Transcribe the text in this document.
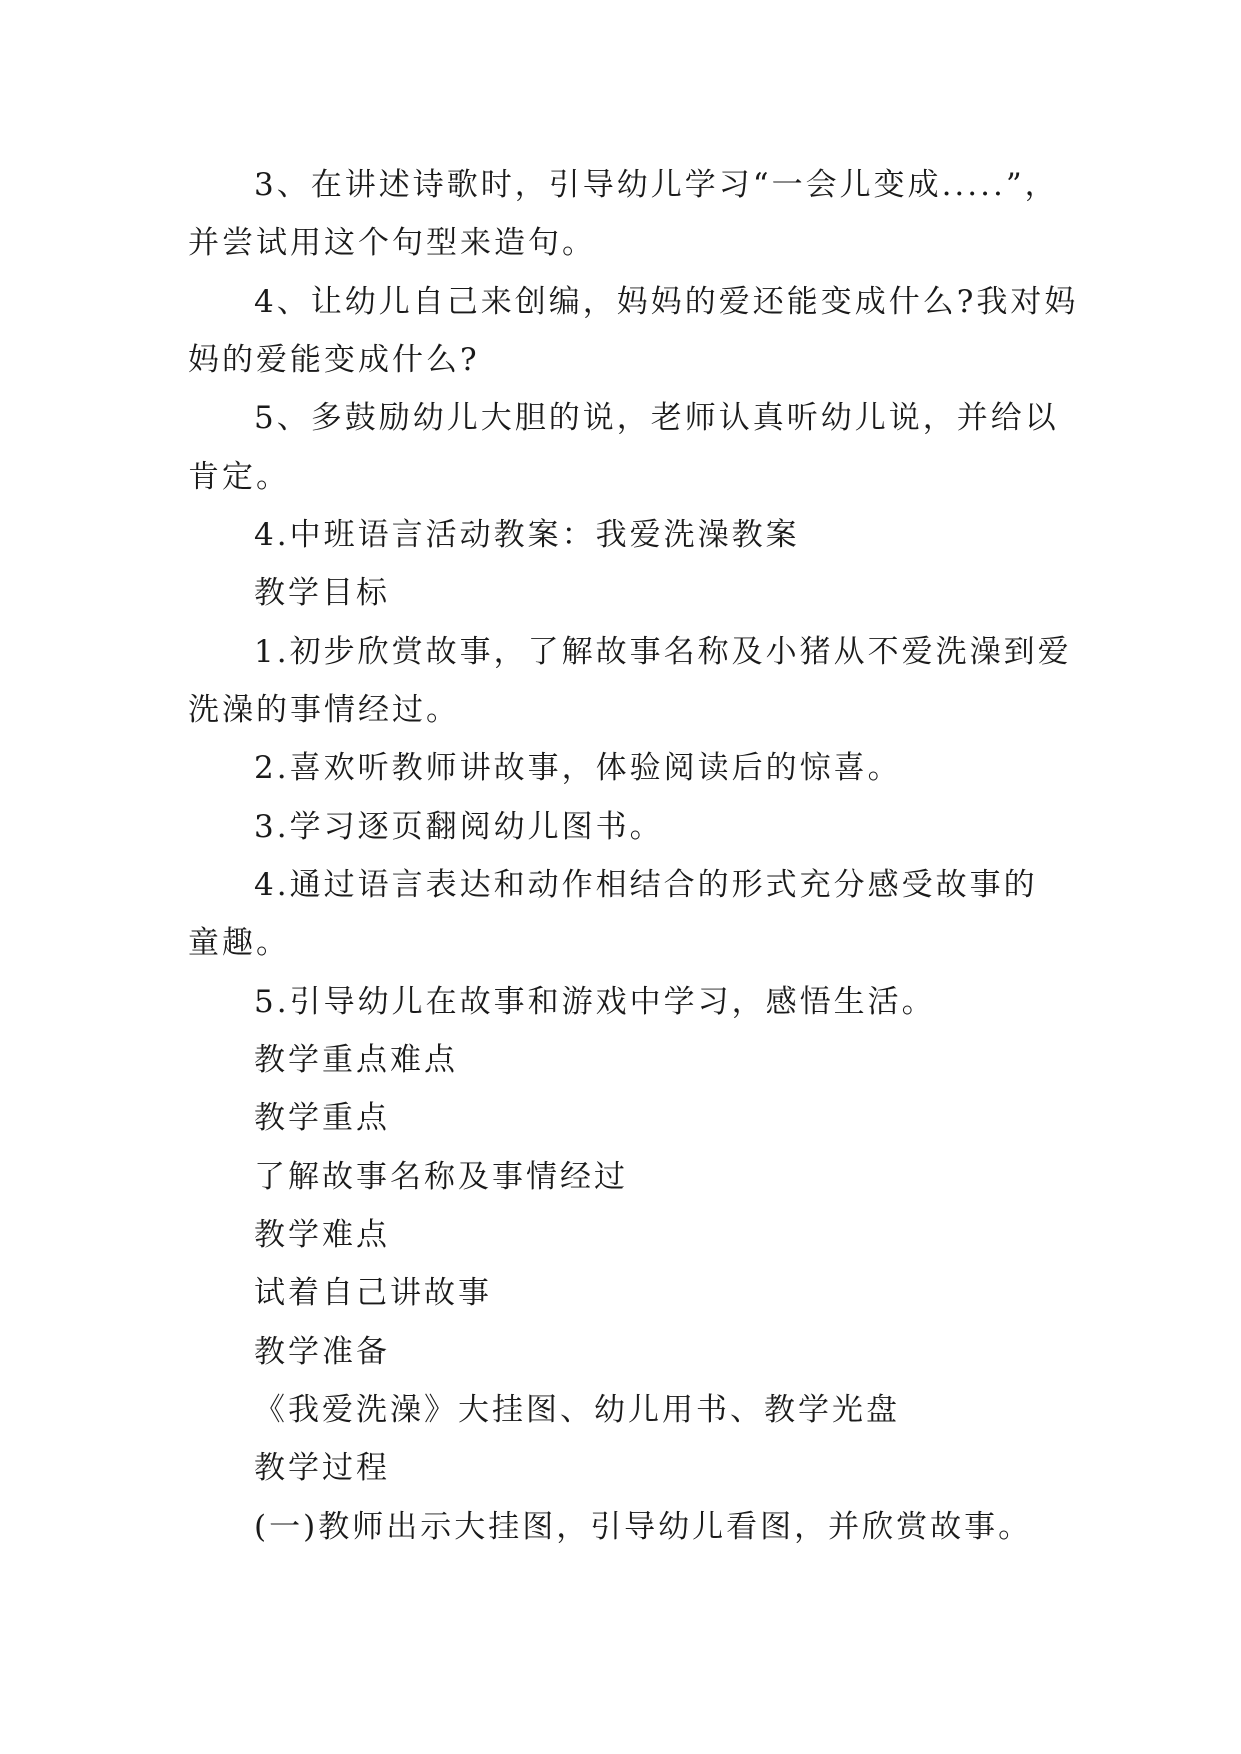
3、在讲述诗歌时，引导幼儿学习“一会儿变成.....”，
并尝试用这个句型来造句。
4、让幼儿自己来创编，妈妈的爱还能变成什么?我对妈
妈的爱能变成什么?
5、多鼓励幼儿大胆的说，老师认真听幼儿说，并给以
肯定。
4.中班语言活动教案：我爱洗澡教案
教学目标
1.初步欣赏故事，了解故事名称及小猪从不爱洗澡到爱
洗澡的事情经过。
2.喜欢听教师讲故事，体验阅读后的惊喜。
3.学习逐页翻阅幼儿图书。
4.通过语言表达和动作相结合的形式充分感受故事的
童趣。
5.引导幼儿在故事和游戏中学习，感悟生活。
教学重点难点
教学重点
了解故事名称及事情经过
教学难点
试着自己讲故事
教学准备
《我爱洗澡》大挂图、幼儿用书、教学光盘
教学过程
(一)教师出示大挂图，引导幼儿看图，并欣赏故事。
